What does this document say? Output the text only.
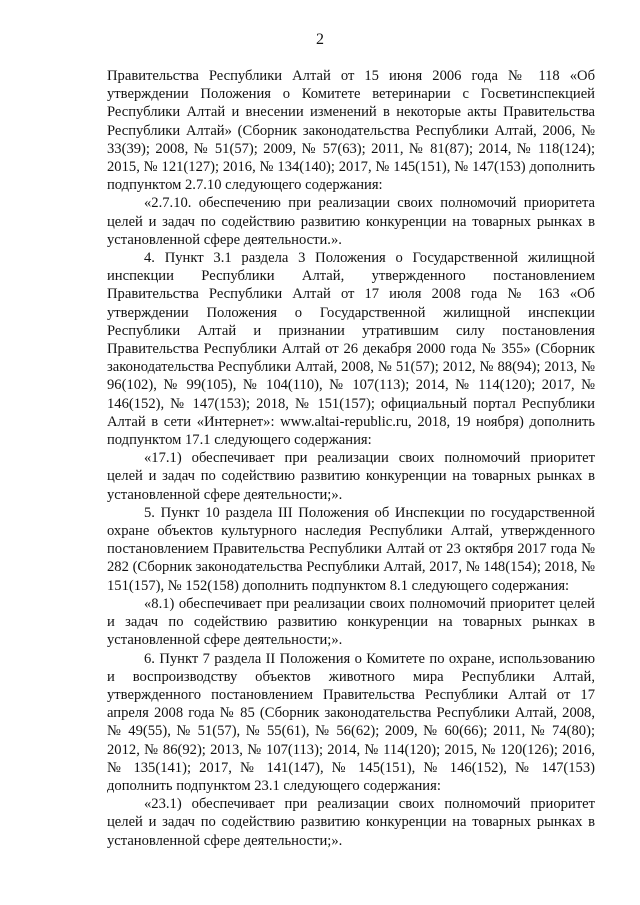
2

Правительства Республики Алтай от 15 июня 2006 года № 118 «Об утверждении Положения о Комитете ветеринарии с Госветинспекцией Республики Алтай и внесении изменений в некоторые акты Правительства Республики Алтай» (Сборник законодательства Республики Алтай, 2006, № 33(39); 2008, № 51(57); 2009, № 57(63); 2011, № 81(87); 2014, № 118(124); 2015, № 121(127); 2016, № 134(140); 2017, № 145(151), № 147(153) дополнить подпунктом 2.7.10 следующего содержания:

«2.7.10. обеспечению при реализации своих полномочий приоритета целей и задач по содействию развитию конкуренции на товарных рынках в установленной сфере деятельности.».

4. Пункт 3.1 раздела 3 Положения о Государственной жилищной инспекции Республики Алтай, утвержденного постановлением Правительства Республики Алтай от 17 июля 2008 года № 163 «Об утверждении Положения о Государственной жилищной инспекции Республики Алтай и признании утратившим силу постановления Правительства Республики Алтай от 26 декабря 2000 года № 355» (Сборник законодательства Республики Алтай, 2008, № 51(57); 2012, № 88(94); 2013, № 96(102), № 99(105), № 104(110), № 107(113); 2014, № 114(120); 2017, № 146(152), № 147(153); 2018, № 151(157); официальный портал Республики Алтай в сети «Интернет»: www.altai-republic.ru, 2018, 19 ноября) дополнить подпунктом 17.1 следующего содержания:

«17.1) обеспечивает при реализации своих полномочий приоритет целей и задач по содействию развитию конкуренции на товарных рынках в установленной сфере деятельности;».

5. Пункт 10 раздела III Положения об Инспекции по государственной охране объектов культурного наследия Республики Алтай, утвержденного постановлением Правительства Республики Алтай от 23 октября 2017 года № 282 (Сборник законодательства Республики Алтай, 2017, № 148(154); 2018, № 151(157), № 152(158) дополнить подпунктом 8.1 следующего содержания:

«8.1) обеспечивает при реализации своих полномочий приоритет целей и задач по содействию развитию конкуренции на товарных рынках в установленной сфере деятельности;».

6. Пункт 7 раздела II Положения о Комитете по охране, использованию и воспроизводству объектов животного мира Республики Алтай, утвержденного постановлением Правительства Республики Алтай от 17 апреля 2008 года № 85 (Сборник законодательства Республики Алтай, 2008, № 49(55), № 51(57), № 55(61), № 56(62); 2009, № 60(66); 2011, № 74(80); 2012, № 86(92); 2013, № 107(113); 2014, № 114(120); 2015, № 120(126); 2016, № 135(141); 2017, № 141(147), № 145(151), № 146(152), № 147(153) дополнить подпунктом 23.1 следующего содержания:

«23.1) обеспечивает при реализации своих полномочий приоритет целей и задач по содействию развитию конкуренции на товарных рынках в установленной сфере деятельности;».
